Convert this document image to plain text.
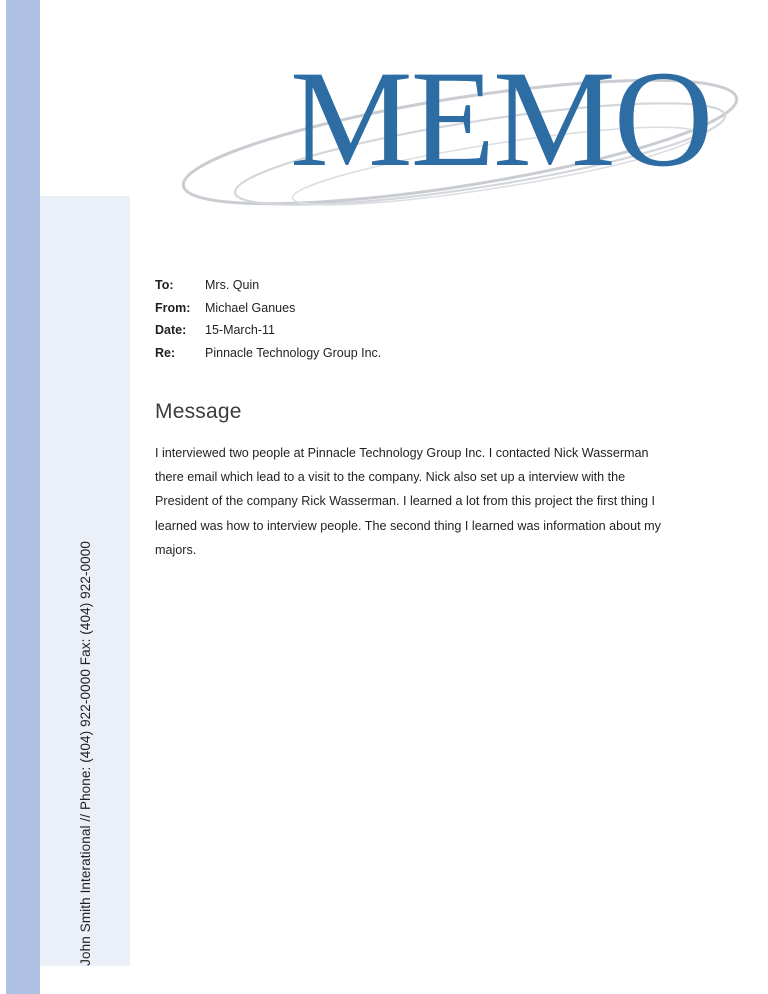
John Smith Interational // Phone: (404) 922-0000 Fax: (404) 922-0000
MEMO
To:	Mrs. Quin
From:	Michael Ganues
Date:	15-March-11
Re:	Pinnacle Technology Group Inc.
Message
I interviewed two people at Pinnacle Technology Group Inc. I contacted Nick Wasserman there email which lead to a visit to the company. Nick also set up a interview with the President of the company Rick Wasserman. I learned a lot from this project the first thing I learned was how to interview people. The second thing I learned was information about my majors.
